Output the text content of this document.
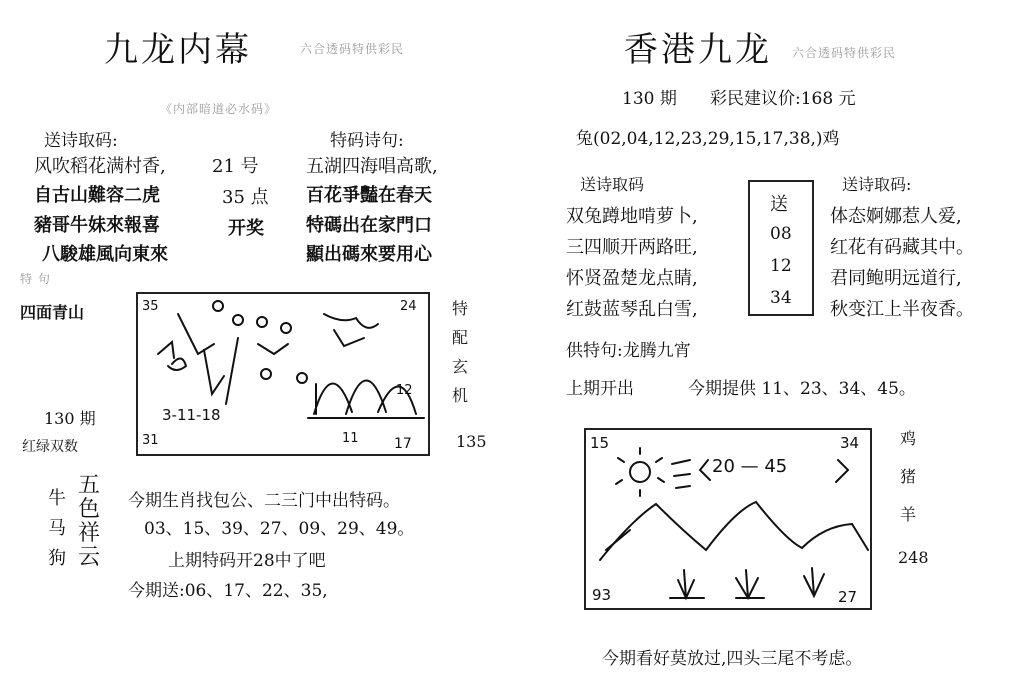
九龙内幕	六合透码特供彩民
《内部暗道必水码》
送诗取码:	特码诗句:
风吹稻花满村香,
自古山難容二虎
豬哥牛妹來報喜
八駿雄風向東來
21 号
35 点
开奖
五湖四海唱高歌,
百花爭豔在春天
特碼出在家門口
顯出碼來要用心
特 句
四面青山
130 期
红绿双数
35	24
31	17
3-11-18
12
11
特
配
玄
机
135
牛
马
狗
五
色
祥
云
今期生肖找包公、二三门中出特码。
03、15、39、27、09、29、49。
上期特码开28中了吧
今期送:06、17、22、35,
香港九龙 六合透码特供彩民
130 期 彩民建议价:168 元
兔(02,04,12,23,29,15,17,38,)鸡
送诗取码	送诗取码:
双兔蹲地啃萝卜,
三四顺开两路旺,
怀贤盈楚龙点睛,
红鼓蓝琴乱白雪,
送
08
12
34
体态婀娜惹人爱,
红花有码藏其中。
君同鲍明远道行,
秋变江上半夜香。
供特句:龙腾九宵
上期开出	今期提供 11、23、34、45。
15	34
93	27
20 — 45
鸡
猪
羊
248
今期看好莫放过,四头三尾不考虑。
